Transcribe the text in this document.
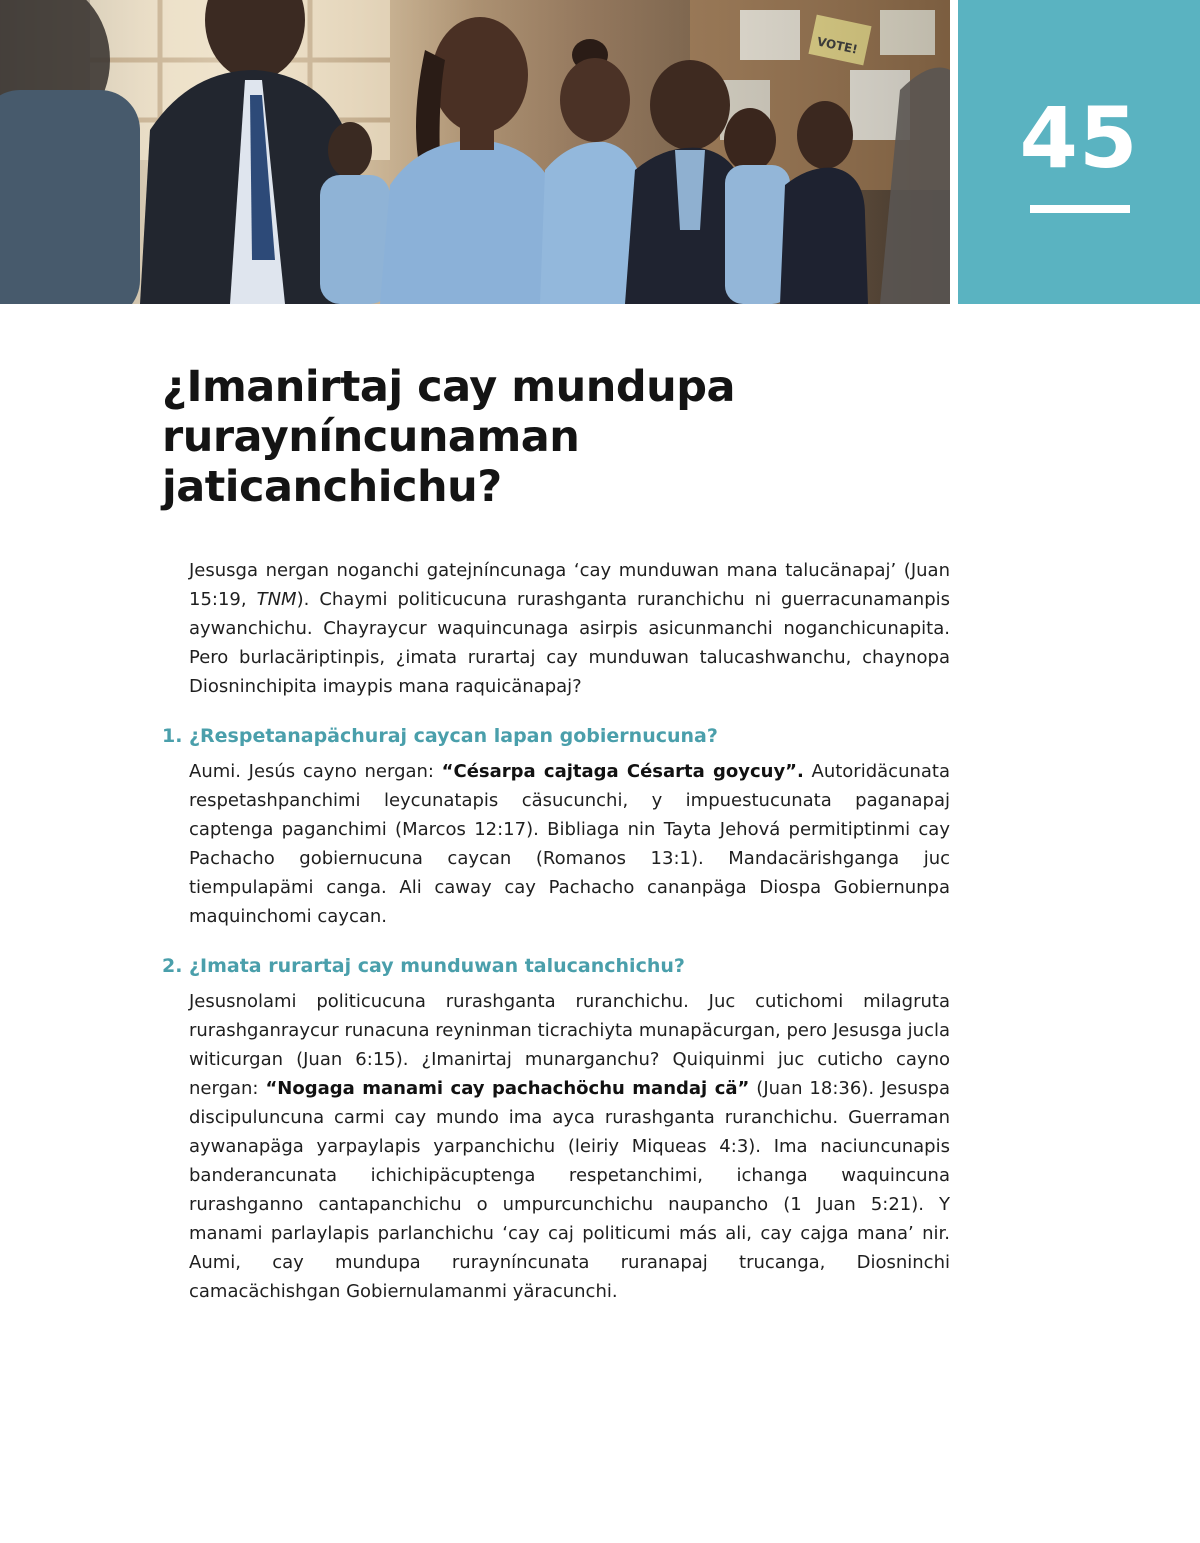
45
¿Imanirtaj cay mundupa
rurayníncunaman
jaticanchichu?

Jesusga nergan noganchi gatejníncunaga ‘cay munduwan mana talucänapaj’ (Juan 15:19, TNM). Chaymi politicucuna rurashganta ruranchichu ni guerracunamanpis aywanchichu. Chayraycur waquincunaga asirpis asicunmanchi noganchicunapita. Pero burlacäriptinpis, ¿imata rurartaj cay munduwan talucashwanchu, chaynopa Diosninchipita imaypis mana raquicänapaj?

1. ¿Respetanapächuraj caycan lapan gobiernucuna?

Aumi. Jesús cayno nergan: “Césarpa cajtaga Césarta goycuy”. Autoridäcunata respetashpanchimi leycunatapis cäsucunchi, y impuestucunata paganapaj captenga paganchimi (Marcos 12:17). Bibliaga nin Tayta Jehová permitiptinmi cay Pachacho gobiernucuna caycan (Romanos 13:1). Mandacärishganga juc tiempulapämi canga. Ali caway cay Pachacho cananpäga Diospa Gobiernunpa maquinchomi caycan.

2. ¿Imata rurartaj cay munduwan talucanchichu?

Jesusnolami politicucuna rurashganta ruranchichu. Juc cutichomi milagruta rurashganraycur runacuna reyninman ticrachiyta munapäcurgan, pero Jesusga jucla witicurgan (Juan 6:15). ¿Imanirtaj munarganchu? Quiquinmi juc cuticho cayno nergan: “Nogaga manami cay pachachöchu mandaj cä” (Juan 18:36). Jesuspa discipuluncuna carmi cay mundo ima ayca rurashganta ruranchichu. Guerraman aywanapäga yarpaylapis yarpanchichu (leiriy Miqueas 4:3). Ima naciuncunapis banderancunata ichichipäcuptenga respetanchimi, ichanga waquincuna rurashganno cantapanchichu o umpurcunchichu naupancho (1 Juan 5:21). Y manami parlaylapis parlanchichu ‘cay caj politicumi más ali, cay cajga mana’ nir. Aumi, cay mundupa rurayníncunata ruranapaj trucanga, Diosninchi camacächishgan Gobiernulamanmi yäracunchi.
